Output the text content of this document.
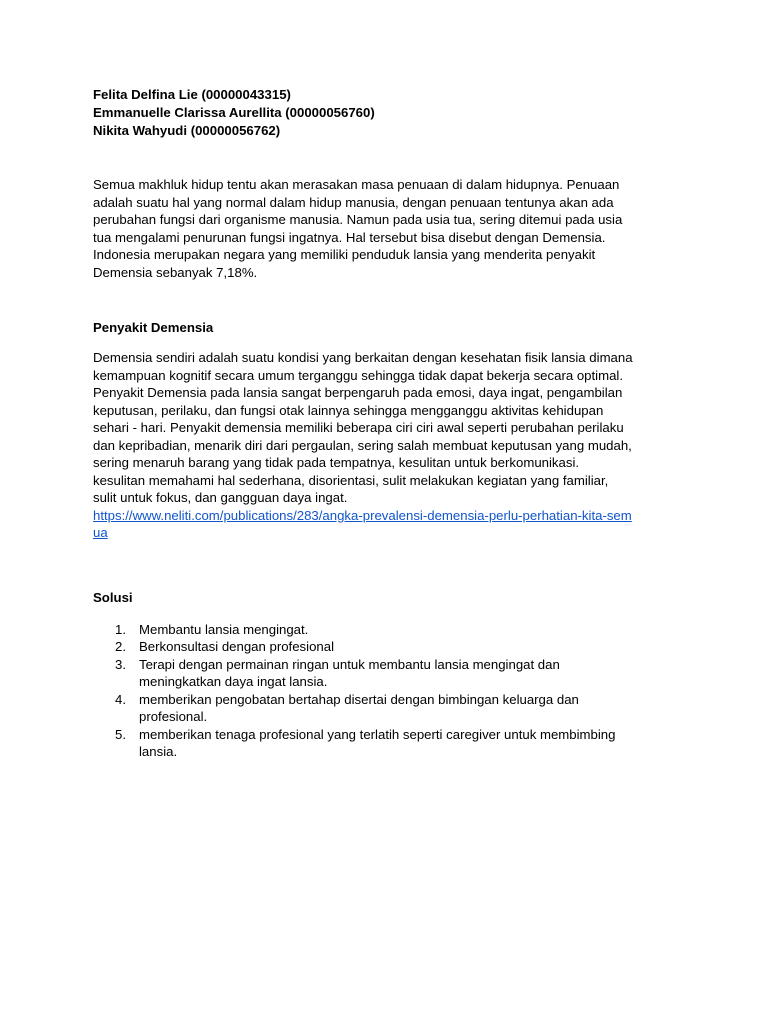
Felita Delfina Lie (00000043315)
Emmanuelle Clarissa Aurellita (00000056760)
Nikita Wahyudi (00000056762)
Semua makhluk hidup tentu akan merasakan masa penuaan di dalam hidupnya. Penuaan
adalah suatu hal yang normal dalam hidup manusia, dengan penuaan tentunya akan ada
perubahan fungsi dari organisme manusia. Namun pada usia tua, sering ditemui pada usia
tua mengalami penurunan fungsi ingatnya. Hal tersebut bisa disebut dengan Demensia.
Indonesia merupakan negara yang memiliki penduduk lansia yang menderita penyakit
Demensia sebanyak 7,18%.
Penyakit Demensia
Demensia sendiri adalah suatu kondisi yang berkaitan dengan kesehatan fisik lansia dimana
kemampuan kognitif secara umum terganggu sehingga tidak dapat bekerja secara optimal.
Penyakit Demensia pada lansia sangat berpengaruh pada emosi, daya ingat, pengambilan
keputusan, perilaku, dan fungsi otak lainnya sehingga mengganggu aktivitas kehidupan
sehari - hari. Penyakit demensia memiliki beberapa ciri ciri awal seperti perubahan perilaku
dan kepribadian, menarik diri dari pergaulan, sering salah membuat keputusan yang mudah,
sering menaruh barang yang tidak pada tempatnya, kesulitan untuk berkomunikasi.
kesulitan memahami hal sederhana, disorientasi, sulit melakukan kegiatan yang familiar,
sulit untuk fokus, dan gangguan daya ingat.
https://www.neliti.com/publications/283/angka-prevalensi-demensia-perlu-perhatian-kita-sem
ua
Solusi
1. Membantu lansia mengingat.
2. Berkonsultasi dengan profesional
3. Terapi dengan permainan ringan untuk membantu lansia mengingat dan
meningkatkan daya ingat lansia.
4. memberikan pengobatan bertahap disertai dengan bimbingan keluarga dan
profesional.
5. memberikan tenaga profesional yang terlatih seperti caregiver untuk membimbing
lansia.
